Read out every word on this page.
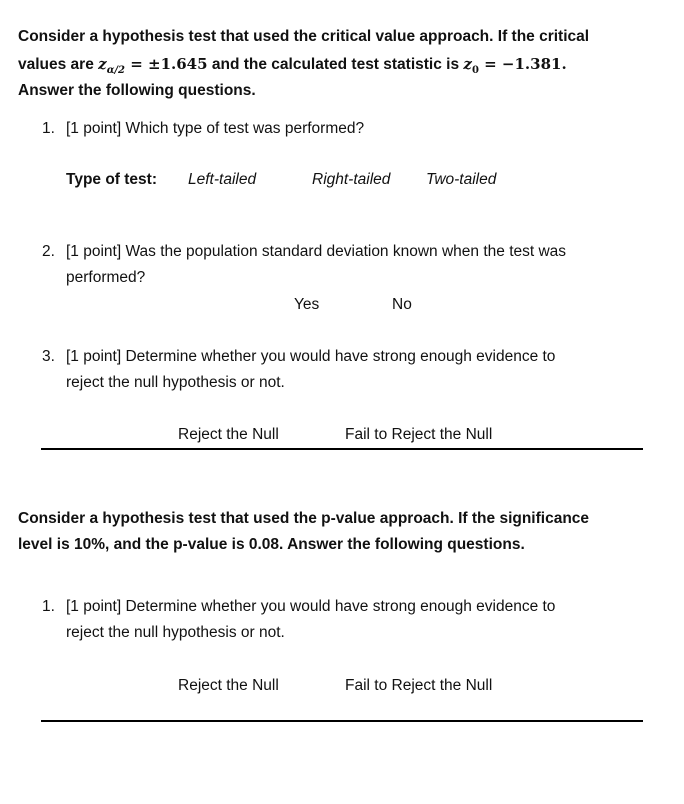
Consider a hypothesis test that used the critical value approach. If the critical
values are $z_{\alpha/2} = \pm 1.645$ and the calculated test statistic is $z_0 = -1.381$.
Answer the following questions.
1. [1 point] Which type of test was performed?
Type of test: Left-tailed	Right-tailed Two-tailed
2. [1 point] Was the population standard deviation known when the test was
performed?
Yes	No
3. [1 point] Determine whether you would have strong enough evidence to
reject the null hypothesis or not.
Reject the Null	Fail to Reject the Null
Consider a hypothesis test that used the p-value approach. If the significance
level is 10%, and the p-value is 0.08. Answer the following questions.
1. [1 point] Determine whether you would have strong enough evidence to
reject the null hypothesis or not.
Reject the Null	Fail to Reject the Null
